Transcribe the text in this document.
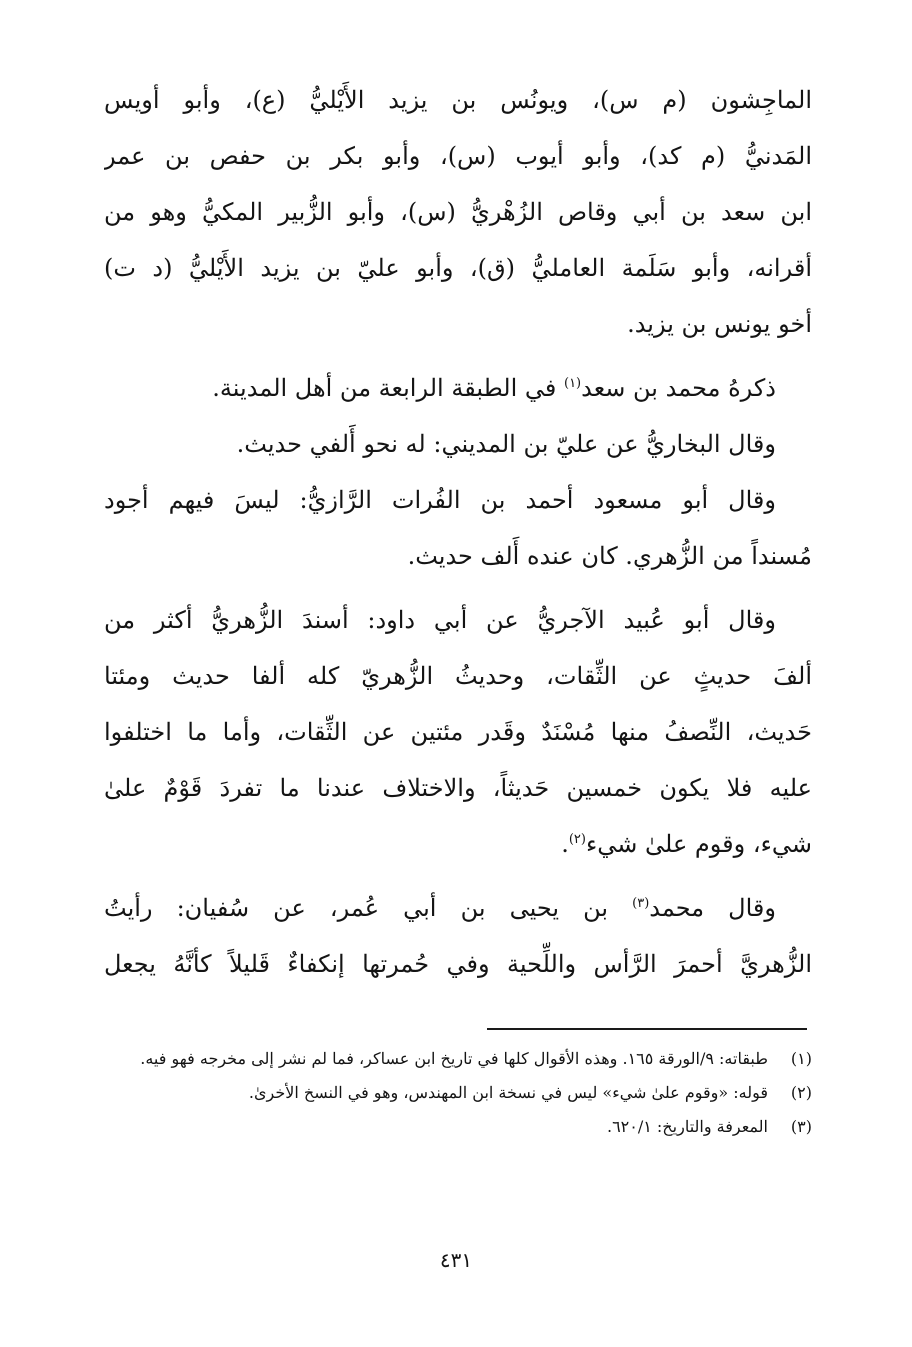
الماجِشون (م س)، ويونُس بن يزيد الأَيْليُّ (ع)، وأبو أويس
المَدنيُّ (م كد)، وأبو أيوب (س)، وأبو بكر بن حفص بن عمر
ابن سعد بن أبي وقاص الزُهْريُّ (س)، وأبو الزُّبير المكيُّ وهو من
أقرانه، وأبو سَلَمة العامليُّ (ق)، وأبو عليّ بن يزيد الأَيْليُّ (د ت)
أخو يونس بن يزيد.
ذكرهُ محمد بن سعد$^{(١)}$ في الطبقة الرابعة من أهل المدينة.
وقال البخاريُّ عن عليّ بن المديني: له نحو أَلفي حديث.
وقال أبو مسعود أحمد بن الفُرات الرَّازيُّ: ليسَ فيهم أجود
مُسنداً من الزُّهري. كان عنده أَلف حديث.
وقال أبو عُبيد الآجريُّ عن أبي داود: أسندَ الزُّهريُّ أكثر من
ألفَ حديثٍ عن الثِّقات، وحديثُ الزُّهريّ كله ألفا حديث ومئتا
حَديث، النِّصفُ منها مُسْنَدٌ وقَدر مئتين عن الثِّقات، وأما ما اختلفوا
عليه فلا يكون خمسين حَديثاً، والاختلاف عندنا ما تفردَ قَوْمٌ علىٰ
شيء، وقوم علىٰ شيء$^{(٢)}$.
وقال محمد$^{(٣)}$ بن يحيى بن أبي عُمر، عن سُفيان: رأيتُ
الزُّهريَّ أحمرَ الرَّأس واللِّحية وفي حُمرتها إنكفاءٌ قَليلاً كأنَّهُ يجعل
(١)
طبقاته: ٩/الورقة ١٦٥. وهذه الأقوال كلها في تاريخ ابن عساكر، فما لم نشر إلى مخرجه فهو فيه.
(٢)
قوله: «وقوم علىٰ شيء» ليس في نسخة ابن المهندس، وهو في النسخ الأخرىٰ.
(٣)
المعرفة والتاريخ: ٦٢٠/١.
٤٣١
